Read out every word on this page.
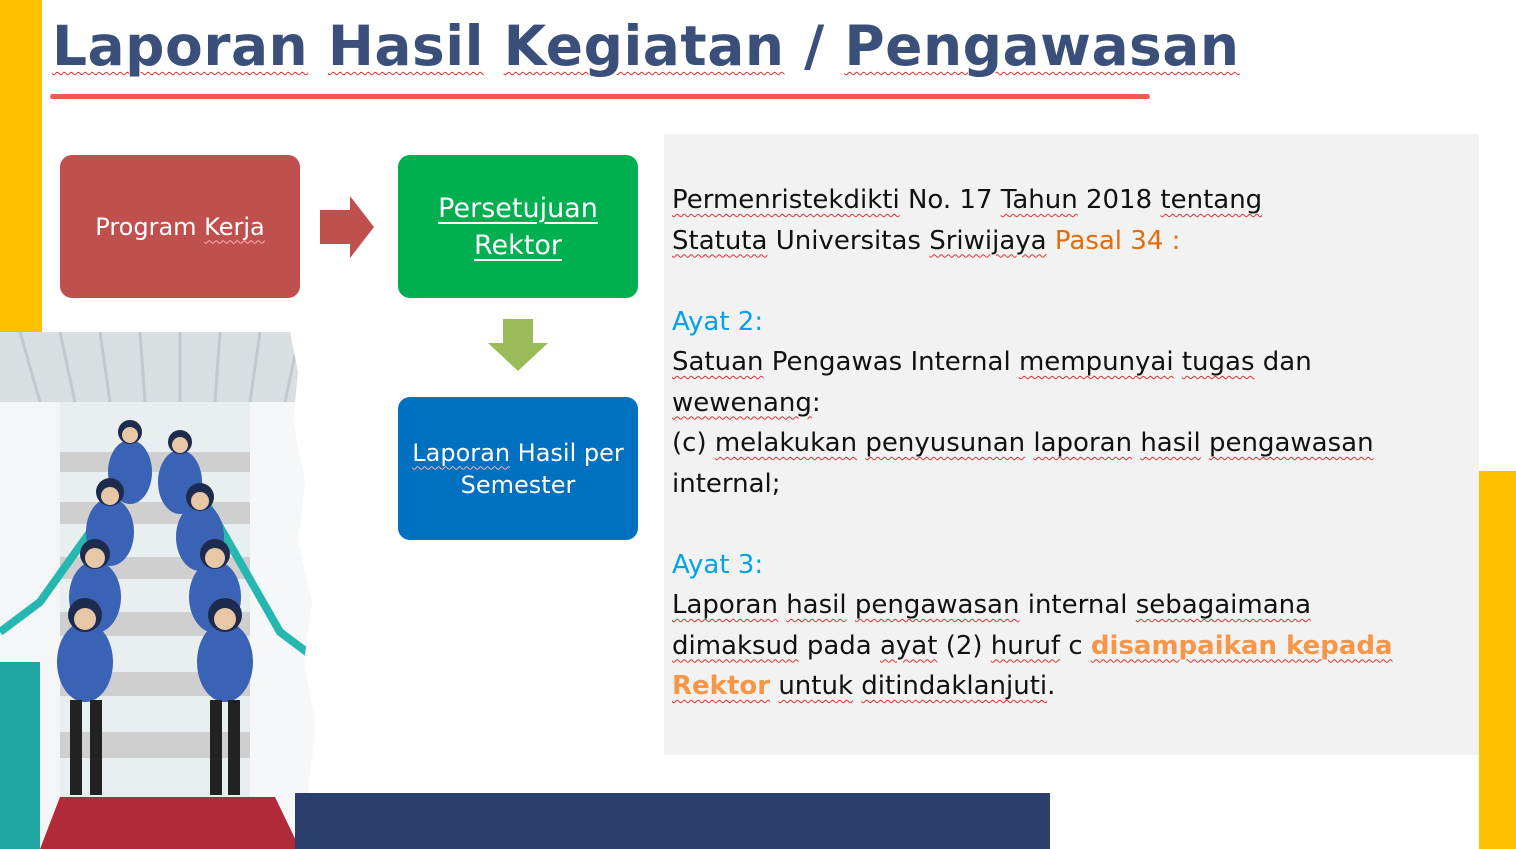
Laporan Hasil Kegiatan / Pengawasan
Program Kerja
Persetujuan
Rektor
Laporan Hasil per
Semester
Permenristekdikti No. 17 Tahun 2018 tentang
Statuta Universitas Sriwijaya Pasal 34 :
Ayat 2:
Satuan Pengawas Internal mempunyai tugas dan
wewenang:
(c) melakukan penyusunan laporan hasil pengawasan
internal;
Ayat 3:
Laporan hasil pengawasan internal sebagaimana
dimaksud pada ayat (2) huruf c disampaikan kepada
Rektor untuk ditindaklanjuti.
